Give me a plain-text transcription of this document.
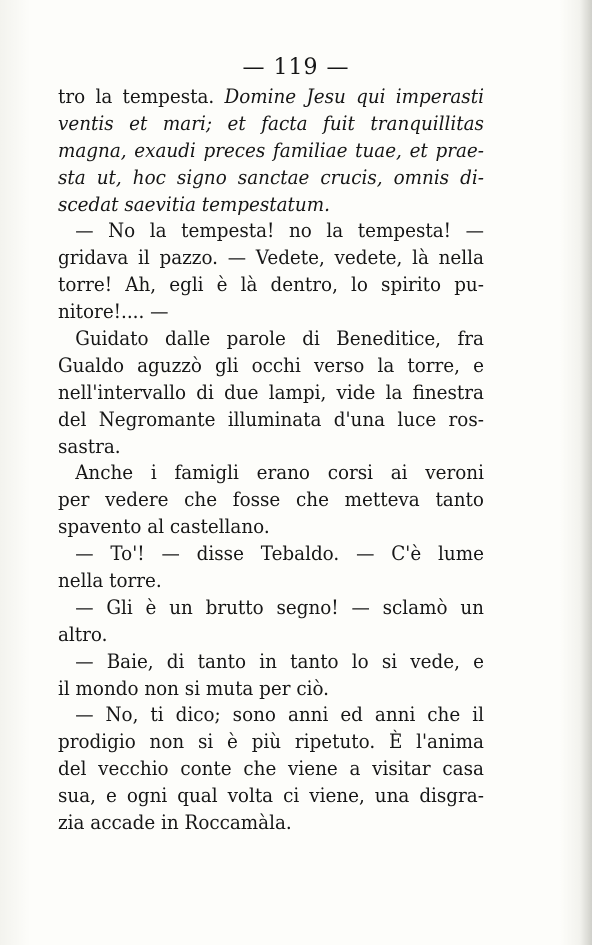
— 119 —
tro la tempesta. Domine Jesu qui imperasti
ventis et mari; et facta fuit tranquillitas
magna, exaudi preces familiae tuae, et prae-
sta ut, hoc signo sanctae crucis, omnis di-
scedat saevitia tempestatum.
— No la tempesta! no la tempesta! —
gridava il pazzo. — Vedete, vedete, là nella
torre! Ah, egli è là dentro, lo spirito pu-
nitore!.... —
Guidato dalle parole di Beneditice, fra
Gualdo aguzzò gli occhi verso la torre, e
nell'intervallo di due lampi, vide la finestra
del Negromante illuminata d'una luce ros-
sastra.
Anche i famigli erano corsi ai veroni
per vedere che fosse che metteva tanto
spavento al castellano.
— To'! — disse Tebaldo. — C'è lume
nella torre.
— Gli è un brutto segno! — sclamò un
altro.
— Baie, di tanto in tanto lo si vede, e
il mondo non si muta per ciò.
— No, ti dico; sono anni ed anni che il
prodigio non si è più ripetuto. È l'anima
del vecchio conte che viene a visitar casa
sua, e ogni qual volta ci viene, una disgra-
zia accade in Roccamàla.
